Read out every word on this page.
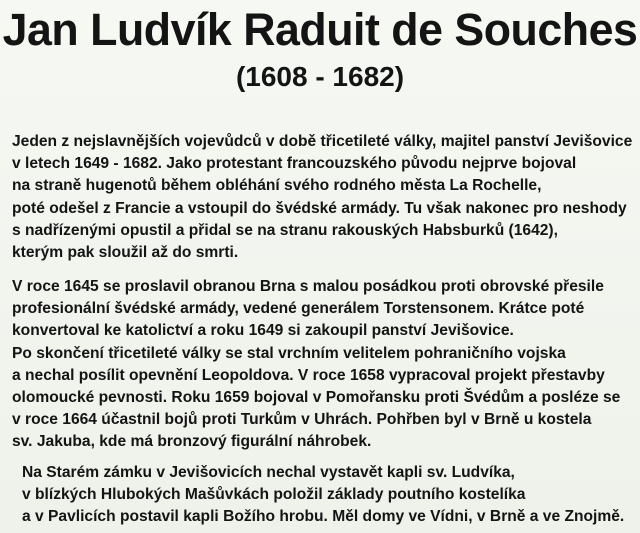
Jan Ludvík Raduit de Souches
(1608 - 1682)
Jeden z nejslavnějších vojevůdců v době třicetileté války, majitel panství Jevišovice
v letech 1649 - 1682. Jako protestant francouzského původu nejprve bojoval
na straně hugenotů během obléhání svého rodného města La Rochelle,
poté odešel z Francie a vstoupil do švédské armády. Tu však nakonec pro neshody
s nadřízenými opustil a přidal se na stranu rakouských Habsburků (1642),
kterým pak sloužil až do smrti.
V roce 1645 se proslavil obranou Brna s malou posádkou proti obrovské přesile
profesionální švédské armády, vedené generálem Torstensonem. Krátce poté
konvertoval ke katolictví a roku 1649 si zakoupil panství Jevišovice.
Po skončení třicetileté války se stal vrchním velitelem pohraničního vojska
a nechal posílit opevnění Leopoldova. V roce 1658 vypracoval projekt přestavby
olomoucké pevnosti. Roku 1659 bojoval v Pomořansku proti Švédům a posléze se
v roce 1664 účastnil bojů proti Turkům v Uhrách. Pohřben byl v Brně u kostela
sv. Jakuba, kde má bronzový figurální náhrobek.
Na Starém zámku v Jevišovicích nechal vystavět kapli sv. Ludvíka,
v blízkých Hlubokých Mašůvkách položil základy poutního kostelíka
a v Pavlicích postavil kapli Božího hrobu. Měl domy ve Vídni, v Brně a ve Znojmě.
